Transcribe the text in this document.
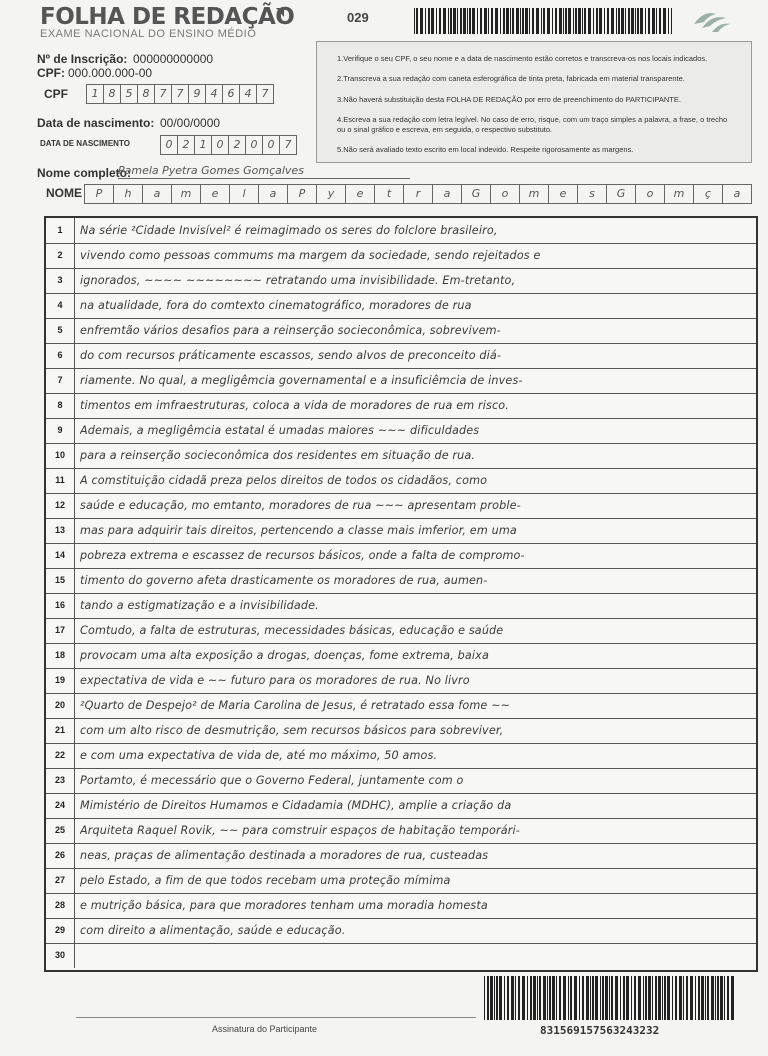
FOLHA DE REDAÇÃO
EXAME NACIONAL DO ENSINO MÉDIO
029
Nº de Inscrição: 000000000000
CPF: 000.000.000-00
CPF	1 8 5 8 7 7 9 4 6 4 7
Data de nascimento: 00/00/0000
DATA DE NASCIMENTO	0 2 1 0 2 0 0 7

1.Verifique o seu CPF, o seu nome e a data de nascimento estão corretos e transcreva-os nos locais indicados.

2.Transcreva a sua redação com caneta esferográfica de tinta preta, fabricada em material transparente.

3.Não haverá substituição desta FOLHA DE REDAÇÃO por erro de preenchimento do PARTICIPANTE.

4.Escreva a sua redação com letra legível. No caso de erro, risque, com um traço simples a palavra, a frase, o trecho ou o sinal gráfico e escreva, em seguida, o respectivo substituto.

5.Não será avaliado texto escrito em local indevido. Respeite rigorosamente as margens.

Nome completo:
Pamela Pyetra Gomes Gomçalves
NOME	P	h	a	m	e	l	a	P	y	e	t	r	a	G	o	m	e	s	G	o	m	ç	a
1	Na série ²Cidade Invisível² é reimagimado os seres do folclore brasileiro,
2	vivendo como pessoas commums ma margem da sociedade, sendo rejeitados e
3	ignorados, ~~~~ ~~~~~~~~ retratando uma invisibilidade. Em-tretanto,
4	na atualidade, fora do comtexto cinematográfico, moradores de rua
5	enfremtão vários desafios para a reinserção socieconômica, sobrevivem-
6	do com recursos práticamente escassos, sendo alvos de preconceito diá-
7	riamente. No qual, a megligêmcia governamental e a insuficiêmcia de inves-
8	timentos em imfraestruturas, coloca a vida de moradores de rua em risco.
9	Ademais, a megligêmcia estatal é umadas maiores ~~~ dificuldades
10	para a reinserção socieconômica dos residentes em situação de rua.
11	A comstituição cidadã preza pelos direitos de todos os cidadãos, como
12	saúde e educação, mo emtanto, moradores de rua ~~~ apresentam proble-
13	mas para adquirir tais direitos, pertencendo a classe mais imferior, em uma
14	pobreza extrema e escassez de recursos básicos, onde a falta de compromo-
15	timento do governo afeta drasticamente os moradores de rua, aumen-
16	tando a estigmatização e a invisibilidade.
17	Comtudo, a falta de estruturas, mecessidades básicas, educação e saúde
18	provocam uma alta exposição a drogas, doenças, fome extrema, baixa
19	expectativa de vida e ~~ futuro para os moradores de rua. No livro
20	²Quarto de Despejo² de Maria Carolina de Jesus, é retratado essa fome ~~
21	com um alto risco de desmutrição, sem recursos básicos para sobreviver,
22	e com uma expectativa de vida de, até mo máximo, 50 amos.
23	Portamto, é mecessário que o Governo Federal, juntamente com o
24	Mimistério de Direitos Humamos e Cidadamia (MDHC), amplie a criação da
25	Arquiteta Raquel Rovik, ~~ para comstruir espaços de habitação temporári-
26	neas, praças de alimentação destinada a moradores de rua, custeadas
27	pelo Estado, a fim de que todos recebam uma proteção mímima
28	e mutrição básica, para que moradores tenham uma moradia homesta
29	com direito a alimentação, saúde e educação.
30
Assinatura do Participante	831569157563243232
